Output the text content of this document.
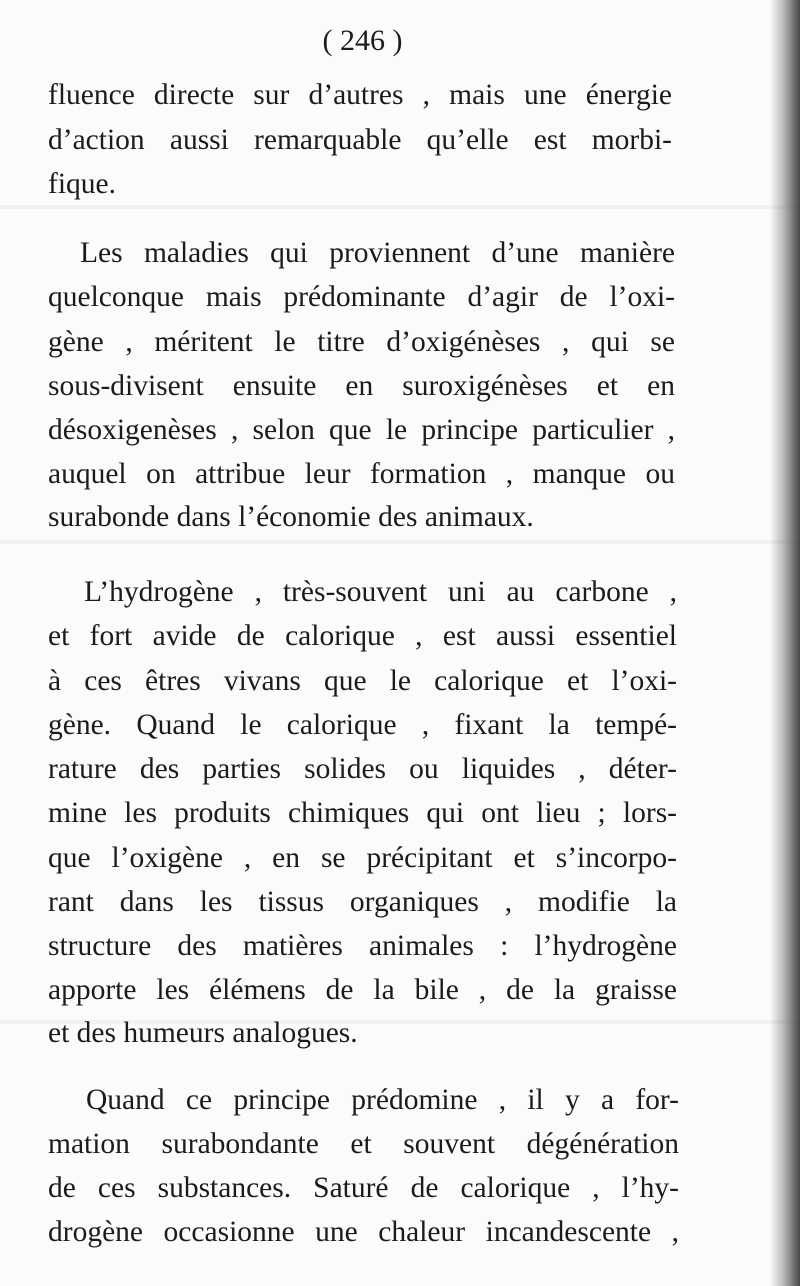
( 246 )
fluence directe sur d’autres , mais une énergie
d’action aussi remarquable qu’elle est morbi-
fique.
Les maladies qui proviennent d’une manière
quelconque mais prédominante d’agir de l’oxi-
gène , méritent le titre d’oxigénèses , qui se
sous-divisent ensuite en suroxigénèses et en
désoxigenèses , selon que le principe particulier ,
auquel on attribue leur formation , manque ou
surabonde dans l’économie des animaux.
L’hydrogène , très-souvent uni au carbone ,
et fort avide de calorique , est aussi essentiel
à ces êtres vivans que le calorique et l’oxi-
gène. Quand le calorique , fixant la tempé-
rature des parties solides ou liquides , déter-
mine les produits chimiques qui ont lieu ; lors-
que l’oxigène , en se précipitant et s’incorpo-
rant dans les tissus organiques , modifie la
structure des matières animales : l’hydrogène
apporte les élémens de la bile , de la graisse
et des humeurs analogues.
Quand ce principe prédomine , il y a for-
mation surabondante et souvent dégénération
de ces substances. Saturé de calorique , l’hy-
drogène occasionne une chaleur incandescente ,
